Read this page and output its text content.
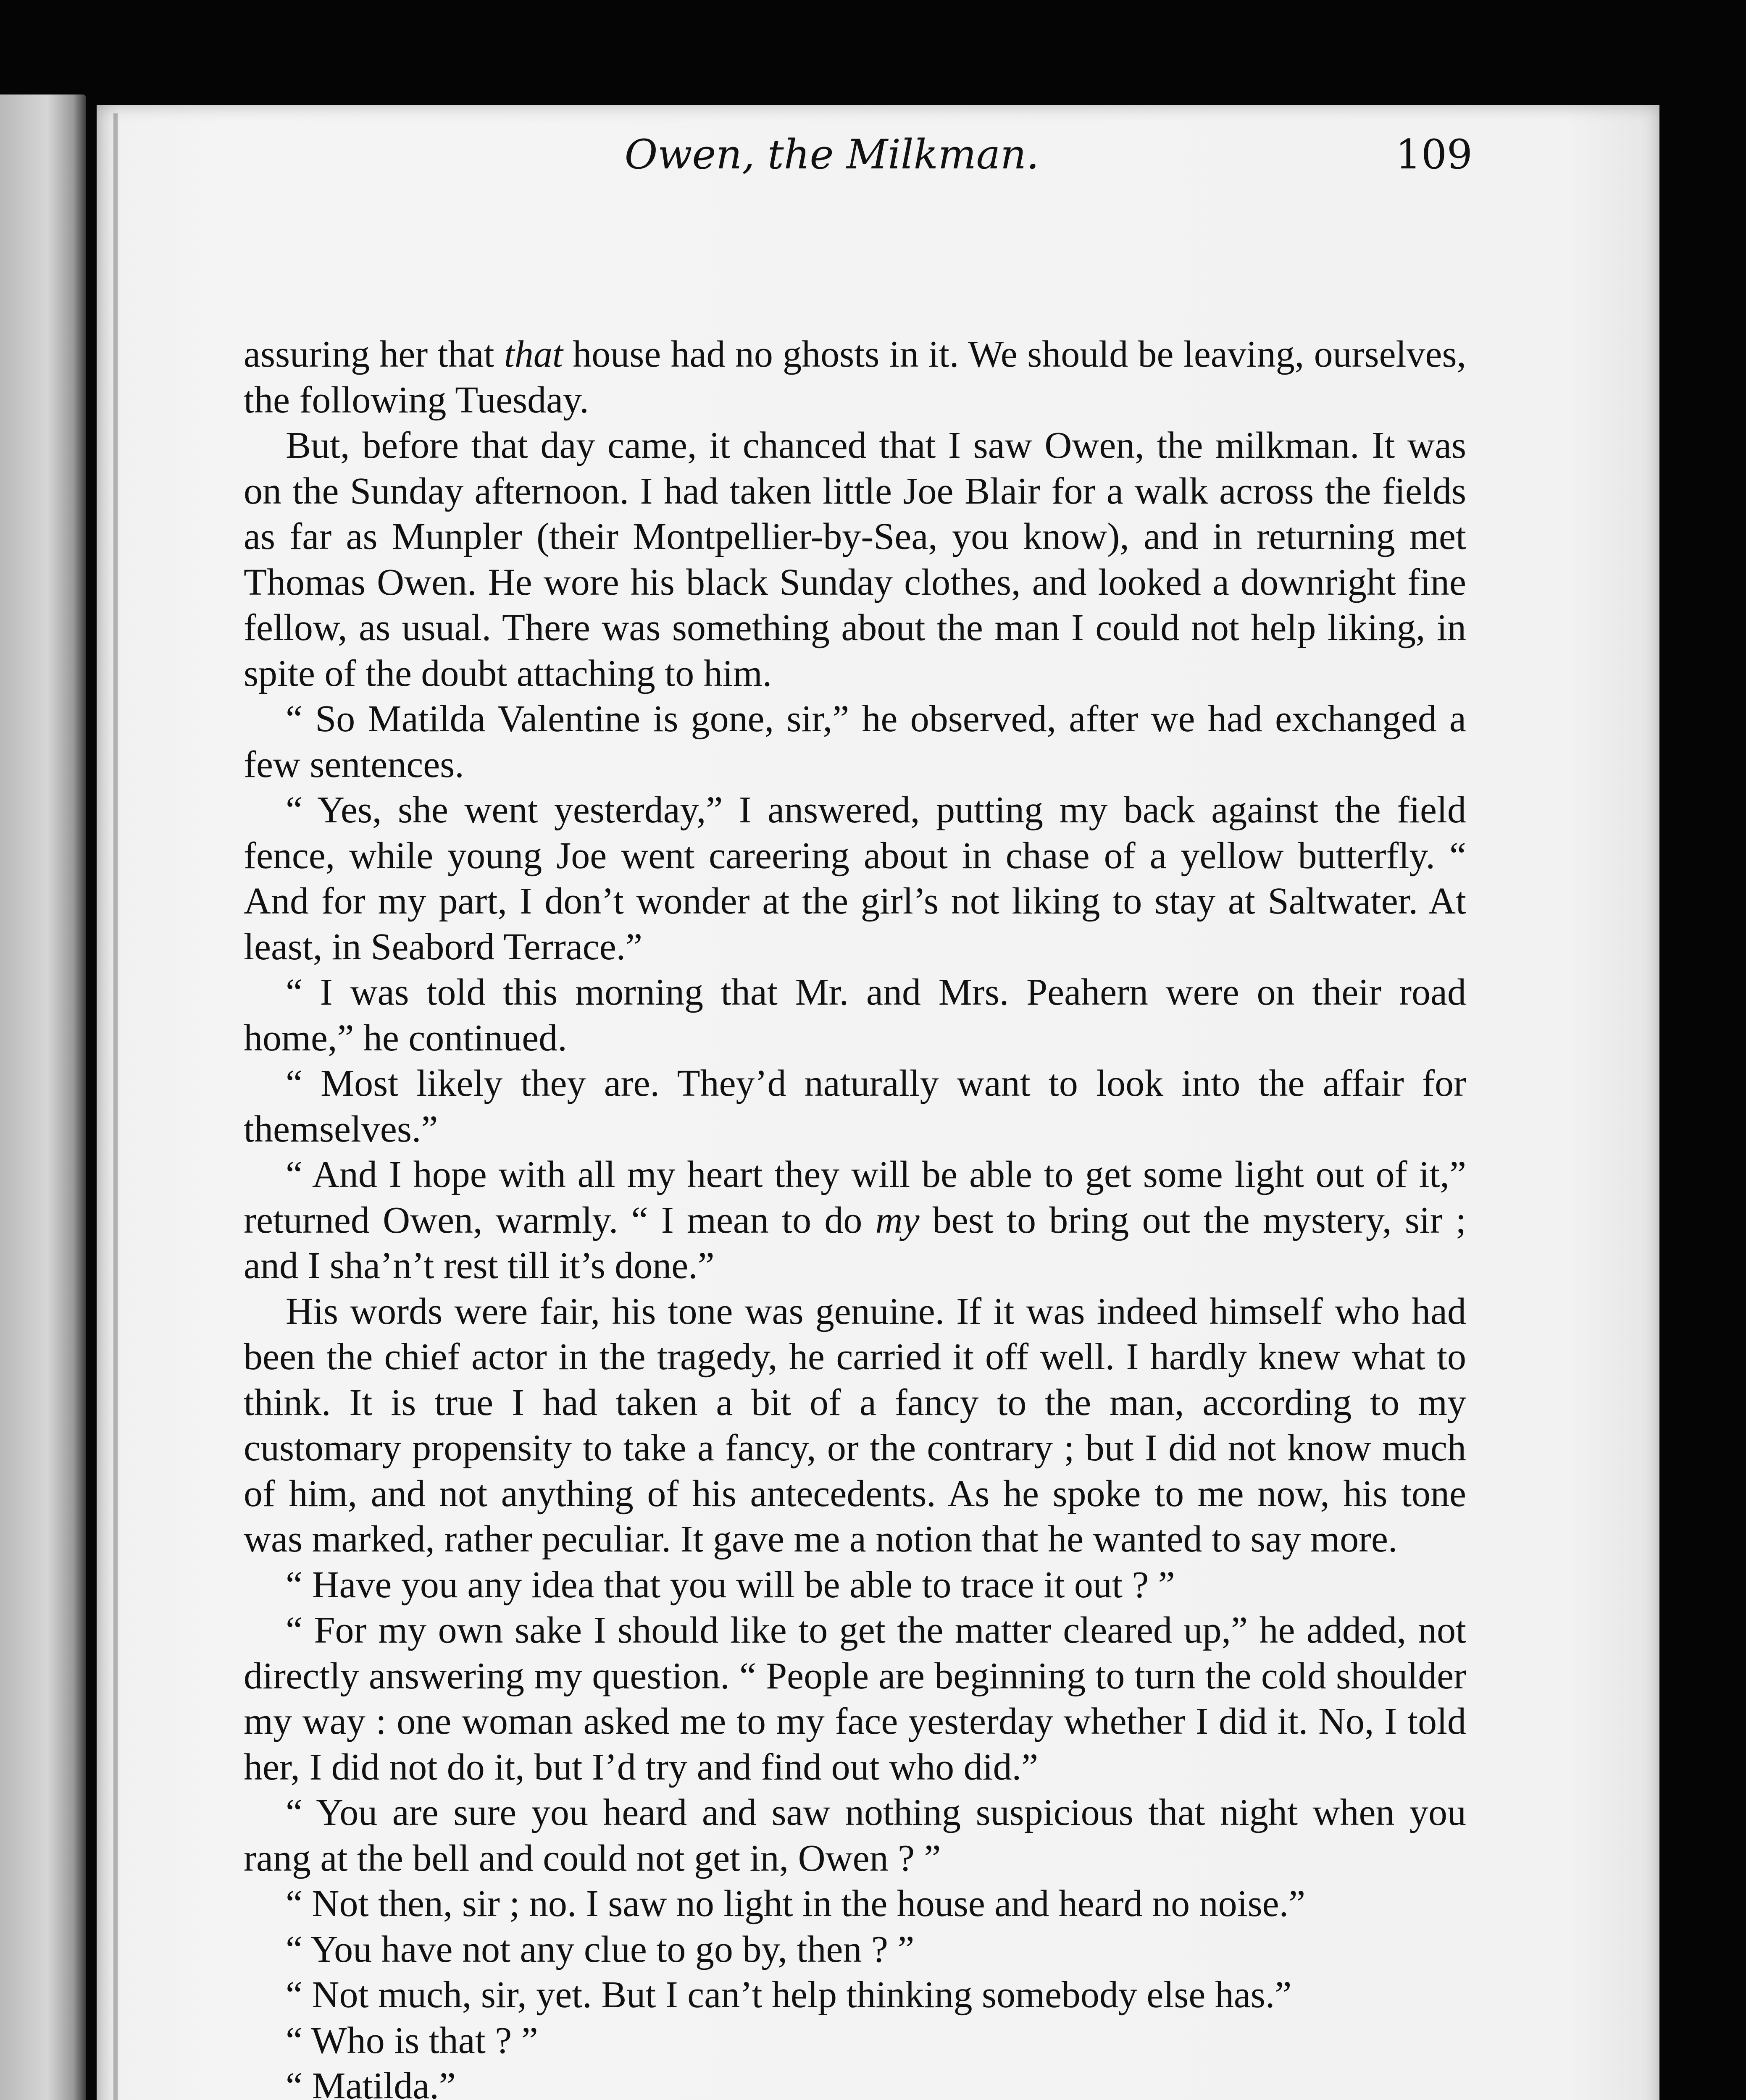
Owen, the Milkman.	109

assuring her that that house had no ghosts in it. We should be leaving, ourselves, the following Tuesday.

But, before that day came, it chanced that I saw Owen, the milkman. It was on the Sunday afternoon. I had taken little Joe Blair for a walk across the fields as far as Munpler (their Montpellier-by-Sea, you know), and in returning met Thomas Owen. He wore his black Sunday clothes, and looked a downright fine fellow, as usual. There was something about the man I could not help liking, in spite of the doubt attaching to him.

“ So Matilda Valentine is gone, sir,” he observed, after we had exchanged a few sentences.

“ Yes, she went yesterday,” I answered, putting my back against the field fence, while young Joe went careering about in chase of a yellow butterfly. “ And for my part, I don’t wonder at the girl’s not liking to stay at Saltwater. At least, in Seabord Terrace.”

“ I was told this morning that Mr. and Mrs. Peahern were on their road home,” he continued.

“ Most likely they are. They’d naturally want to look into the affair for themselves.”

“ And I hope with all my heart they will be able to get some light out of it,” returned Owen, warmly. “ I mean to do my best to bring out the mystery, sir ; and I sha’n’t rest till it’s done.”

His words were fair, his tone was genuine. If it was indeed himself who had been the chief actor in the tragedy, he carried it off well. I hardly knew what to think. It is true I had taken a bit of a fancy to the man, according to my customary propensity to take a fancy, or the contrary ; but I did not know much of him, and not anything of his antecedents. As he spoke to me now, his tone was marked, rather peculiar. It gave me a notion that he wanted to say more.

“ Have you any idea that you will be able to trace it out ? ”

“ For my own sake I should like to get the matter cleared up,” he added, not directly answering my question. “ People are beginning to turn the cold shoulder my way : one woman asked me to my face yesterday whether I did it. No, I told her, I did not do it, but I’d try and find out who did.”

“ You are sure you heard and saw nothing suspicious that night when you rang at the bell and could not get in, Owen ? ”

“ Not then, sir ; no. I saw no light in the house and heard no noise.”

“ You have not any clue to go by, then ? ”

“ Not much, sir, yet. But I can’t help thinking somebody else has.”

“ Who is that ? ”

“ Matilda.”
